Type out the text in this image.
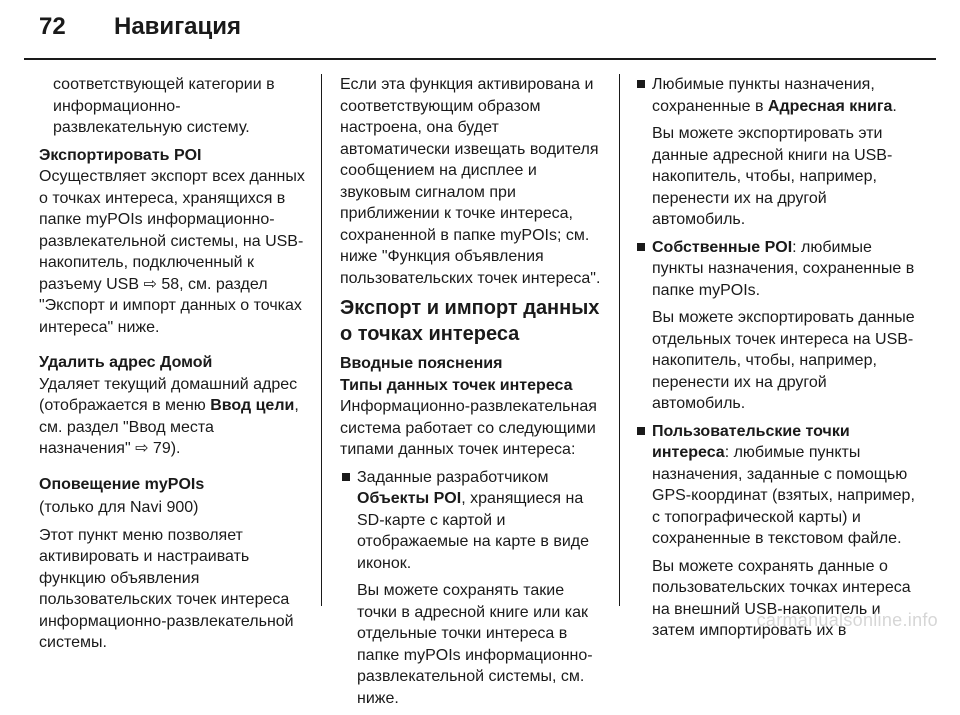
72 Навигация

соответствующей категории в информационно-развлекательную систему.

Экспортировать POI

Осуществляет экспорт всех данных о точках интереса, хранящихся в папке myPOIs информационно-развлекательной системы, на USB-накопитель, подключенный к разъему USB ⇨ 58, см. раздел "Экспорт и импорт данных о точках интереса" ниже.

Удалить адрес Домой

Удаляет текущий домашний адрес (отображается в меню Ввод цели, см. раздел "Ввод места назначения" ⇨ 79).

Оповещение myPOIs

(только для Navi 900)

Этот пункт меню позволяет активировать и настраивать функцию объявления пользовательских точек интереса информационно-развлекательной системы.

Если эта функция активирована и соответствующим образом настроена, она будет автоматически извещать водителя сообщением на дисплее и звуковым сигналом при приближении к точке интереса, сохраненной в папке myPOIs; см. ниже "Функция объявления пользовательских точек интереса".

Экспорт и импорт данных о точках интереса

Вводные пояснения

Типы данных точек интереса

Информационно-развлекательная система работает со следующими типами данных точек интереса:

Заданные разработчиком
Объекты POI, хранящиеся на SD-карте с картой и отображаемые на карте в виде иконок.

Вы можете сохранять такие точки в адресной книге или как отдельные точки интереса в папке myPOIs информационно-развлекательной системы, см. ниже.

Любимые пункты назначения, сохраненные в Адресная книга.

Вы можете экспортировать эти данные адресной книги на USB-накопитель, чтобы, например, перенести их на другой автомобиль.

Собственные POI: любимые пункты назначения, сохраненные в папке myPOIs.

Вы можете экспортировать данные отдельных точек интереса на USB-накопитель, чтобы, например, перенести их на другой автомобиль.

Пользовательские точки интереса: любимые пункты назначения, заданные с помощью GPS-координат (взятых, например, с топографической карты) и сохраненные в текстовом файле.

Вы можете сохранять данные о пользовательских точках интереса на внешний USB-накопитель и затем импортировать их в

carmanualsonline.info
